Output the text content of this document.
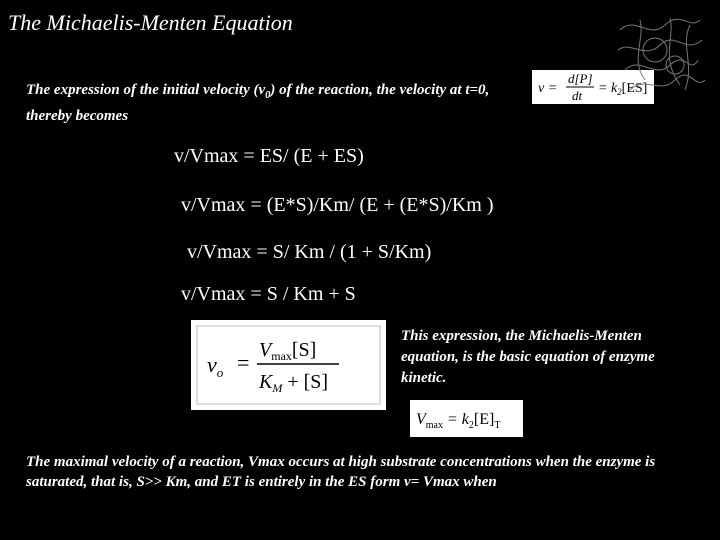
The Michaelis-Menten Equation
The expression of the initial velocity $(v_0)$ of the reaction, the velocity at t=0, thereby becomes
v =
d[P]
dt = $k_2[ES]$
v/Vmax = ES/ (E + ES)
v/Vmax = (E*S)/Km/ (E + (E*S)/Km )
v/Vmax = S/ Km / (1 + S/Km)
v/Vmax = S / Km + S
$v_o = V_{max}[S]$
$K_M + [S]$
This expression, the Michaelis-Menten equation, is the basic equation of enzyme kinetic.
$V_{max} = k_2[E]_T$
The maximal velocity of a reaction, Vmax occurs at high substrate concentrations when the enzyme is saturated, that is, S>> Km, and ET is entirely in the ES form v= Vmax when
